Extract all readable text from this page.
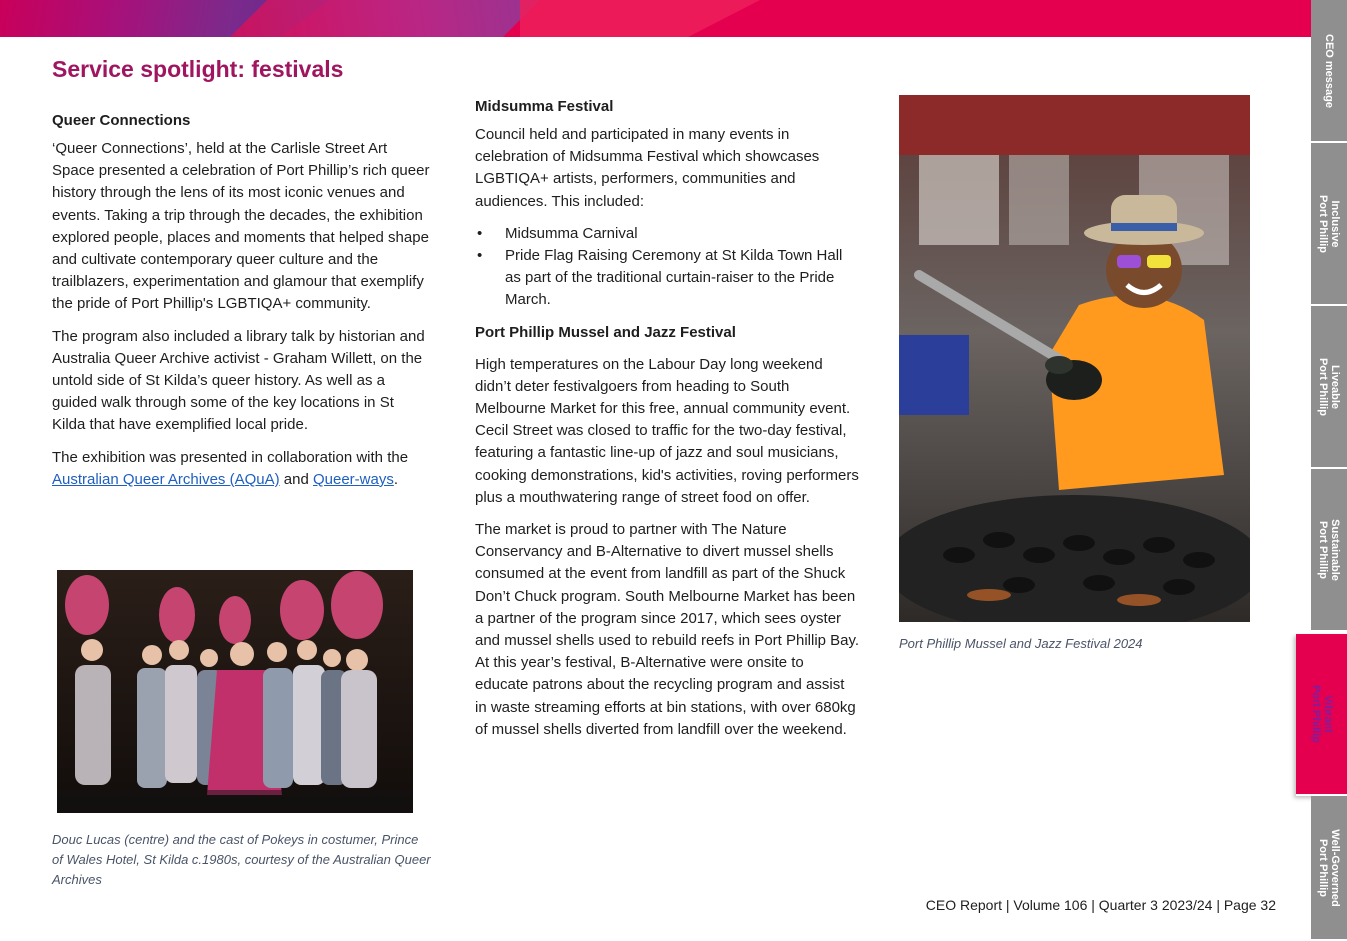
CEO message
Inclusive
Port Phillip
Liveable
Port Phillip
Sustainable
Port Phillip
Vibrant
Port Phillip
Well-Governed
Port Phillip
Service spotlight: festivals
Queer Connections

‘Queer Connections’, held at the Carlisle Street Art Space presented a celebration of Port Phillip’s rich queer history through the lens of its most iconic venues and events. Taking a trip through the decades, the exhibition explored people, places and moments that helped shape and cultivate contemporary queer culture and the trailblazers, experimentation and glamour that exemplify the pride of Port Phillip's LGBTIQA+ community.

The program also included a library talk by historian and Australia Queer Archive activist - Graham Willett, on the untold side of St Kilda’s queer history. As well as a guided walk through some of the key locations in St Kilda that have exemplified local pride.

The exhibition was presented in collaboration with the Australian Queer Archives (AQuA) and Queer-ways.

Douc Lucas (centre) and the cast of Pokeys in costumer, Prince of Wales Hotel, St Kilda c.1980s, courtesy of the Australian Queer Archives
Midsumma Festival

Council held and participated in many events in celebration of Midsumma Festival which showcases LGBTIQA+ artists, performers, communities and audiences. This included:

• Midsumma Carnival
• Pride Flag Raising Ceremony at St Kilda Town Hall as part of the traditional curtain-raiser to the Pride March.
Port Phillip Mussel and Jazz Festival

High temperatures on the Labour Day long weekend didn’t deter festivalgoers from heading to South Melbourne Market for this free, annual community event. Cecil Street was closed to traffic for the two-day festival, featuring a fantastic line-up of jazz and soul musicians, cooking demonstrations, kid's activities, roving performers plus a mouthwatering range of street food on offer.

The market is proud to partner with The Nature Conservancy and B-Alternative to divert mussel shells consumed at the event from landfill as part of the Shuck Don’t Chuck program. South Melbourne Market has been a partner of the program since 2017, which sees oyster and mussel shells used to rebuild reefs in Port Phillip Bay. At this year’s festival, B-Alternative were onsite to educate patrons about the recycling program and assist in waste streaming efforts at bin stations, with over 680kg of mussel shells diverted from landfill over the weekend.

Port Phillip Mussel and Jazz Festival 2024
CEO Report | Volume 106 | Quarter 3 2023/24 | Page 32
